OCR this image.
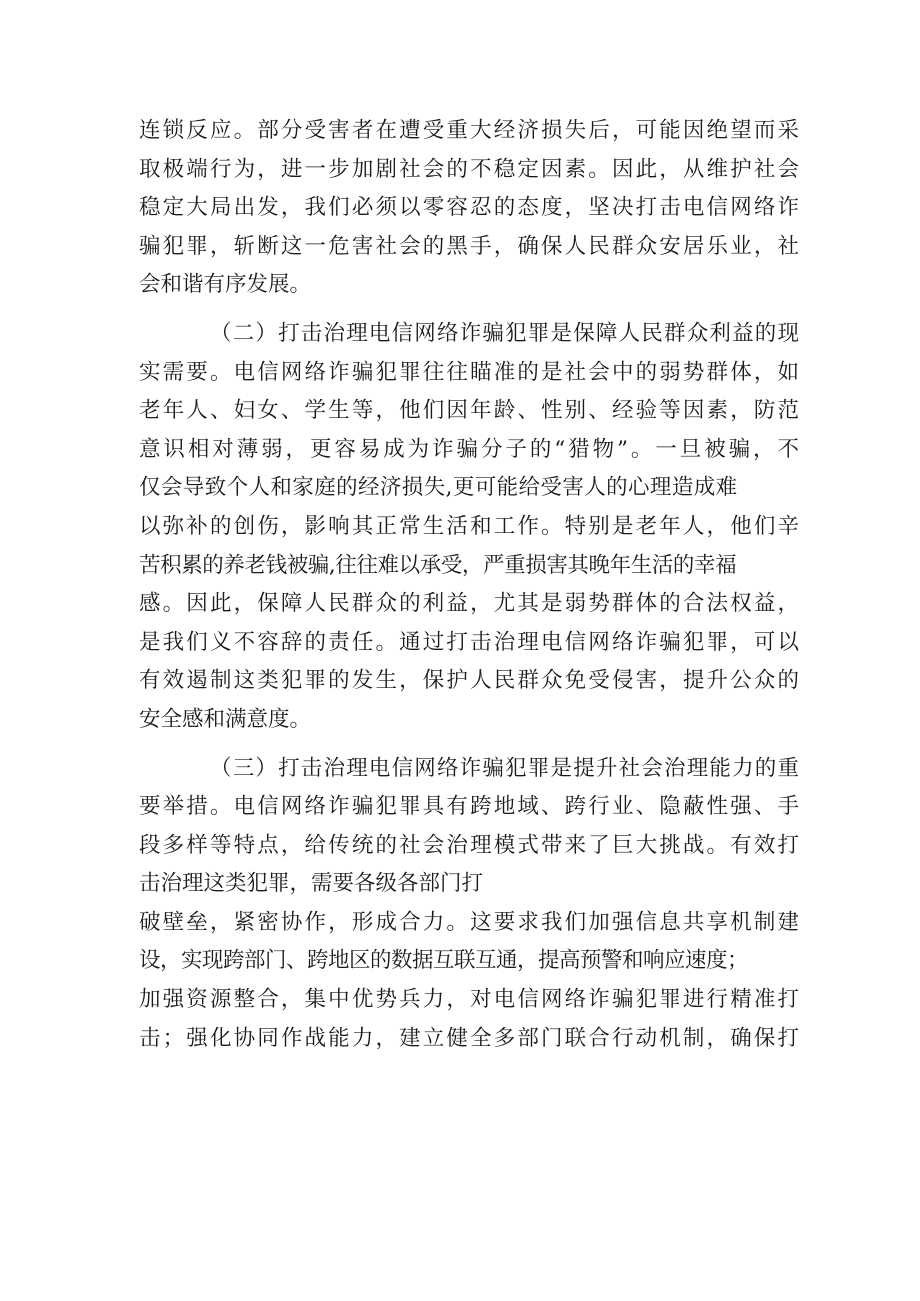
连锁反应。部分受害者在遭受重大经济损失后，可能因绝望而采
取极端行为，进一步加剧社会的不稳定因素。因此，从维护社会
稳定大局出发，我们必须以零容忍的态度，坚决打击电信网络诈
骗犯罪，斩断这一危害社会的黑手，确保人民群众安居乐业，社
会和谐有序发展。
（二）打击治理电信网络诈骗犯罪是保障人民群众利益的现
实需要。电信网络诈骗犯罪往往瞄准的是社会中的弱势群体，如
老年人、妇女、学生等，他们因年龄、性别、经验等因素，防范
意识相对薄弱，更容易成为诈骗分子的“猎物”。一旦被骗，不
仅会导致个人和家庭的经济损失,更可能给受害人的心理造成难
以弥补的创伤，影响其正常生活和工作。特别是老年人，他们辛
苦积累的养老钱被骗,往往难以承受，严重损害其晚年生活的幸福
感。因此，保障人民群众的利益，尤其是弱势群体的合法权益，
是我们义不容辞的责任。通过打击治理电信网络诈骗犯罪，可以
有效遏制这类犯罪的发生，保护人民群众免受侵害，提升公众的
安全感和满意度。
（三）打击治理电信网络诈骗犯罪是提升社会治理能力的重
要举措。电信网络诈骗犯罪具有跨地域、跨行业、隐蔽性强、手
段多样等特点，给传统的社会治理模式带来了巨大挑战。有效打
击治理这类犯罪，需要各级各部门打
破壁垒，紧密协作，形成合力。这要求我们加强信息共享机制建
设，实现跨部门、跨地区的数据互联互通，提高预警和响应速度；
加强资源整合，集中优势兵力，对电信网络诈骗犯罪进行精准打
击；强化协同作战能力，建立健全多部门联合行动机制，确保打
